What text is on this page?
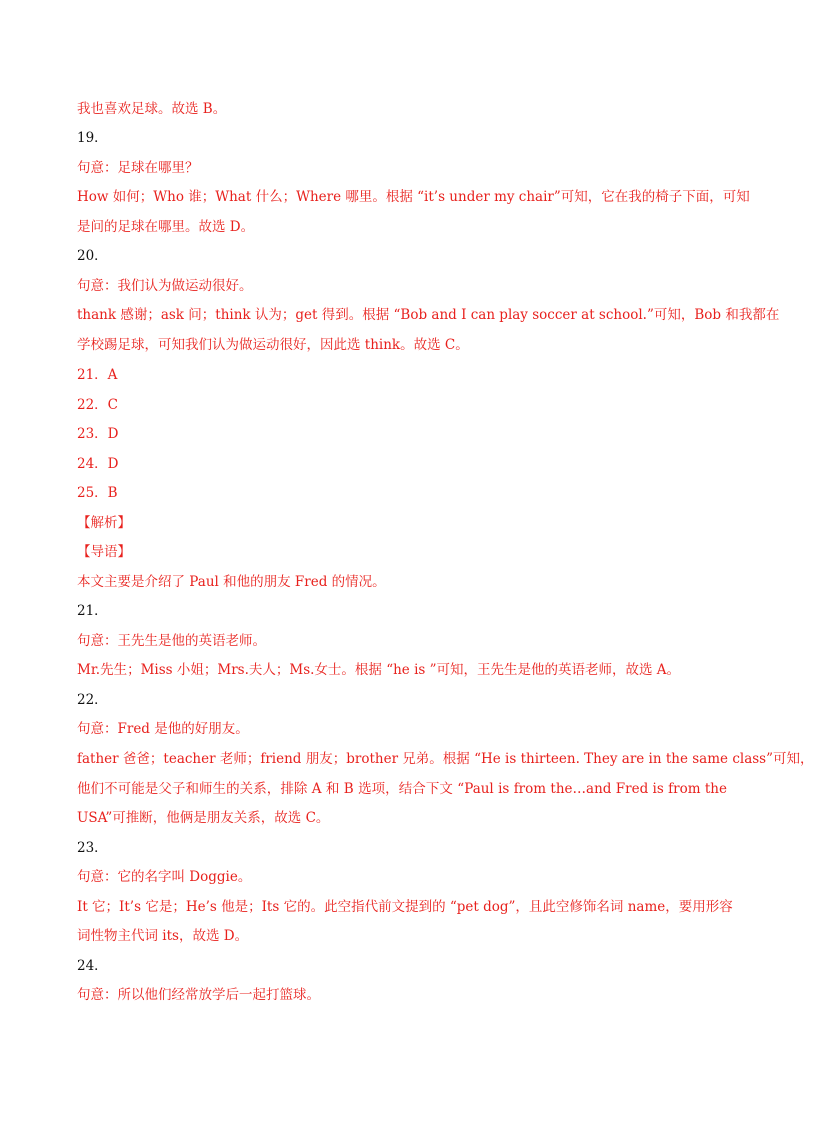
我也喜欢足球。故选 B。
19．
句意：足球在哪里？
How 如何；Who 谁；What 什么；Where 哪里。根据 “it’s under my chair”可知，它在我的椅子下面，可知
是问的足球在哪里。故选 D。
20．
句意：我们认为做运动很好。
thank 感谢；ask 问；think 认为；get 得到。根据 “Bob and I can play soccer at school.”可知，Bob 和我都在
学校踢足球，可知我们认为做运动很好，因此选 think。故选 C。
21．A
22．C
23．D
24．D
25．B
【解析】
【导语】
本文主要是介绍了 Paul 和他的朋友 Fred 的情况。
21．
句意：王先生是他的英语老师。
Mr.先生；Miss 小姐；Mrs.夫人；Ms.女士。根据 “he is ”可知，王先生是他的英语老师，故选 A。
22．
句意：Fred 是他的好朋友。
father 爸爸；teacher 老师；friend 朋友；brother 兄弟。根据 “He is thirteen. They are in the same class”可知，
他们不可能是父子和师生的关系，排除 A 和 B 选项，结合下文 “Paul is from the…and Fred is from the
USA”可推断，他俩是朋友关系，故选 C。
23．
句意：它的名字叫 Doggie。
It 它；It’s 它是；He’s 他是；Its 它的。此空指代前文提到的 “pet dog”，且此空修饰名词 name，要用形容
词性物主代词 its，故选 D。
24．
句意：所以他们经常放学后一起打篮球。
